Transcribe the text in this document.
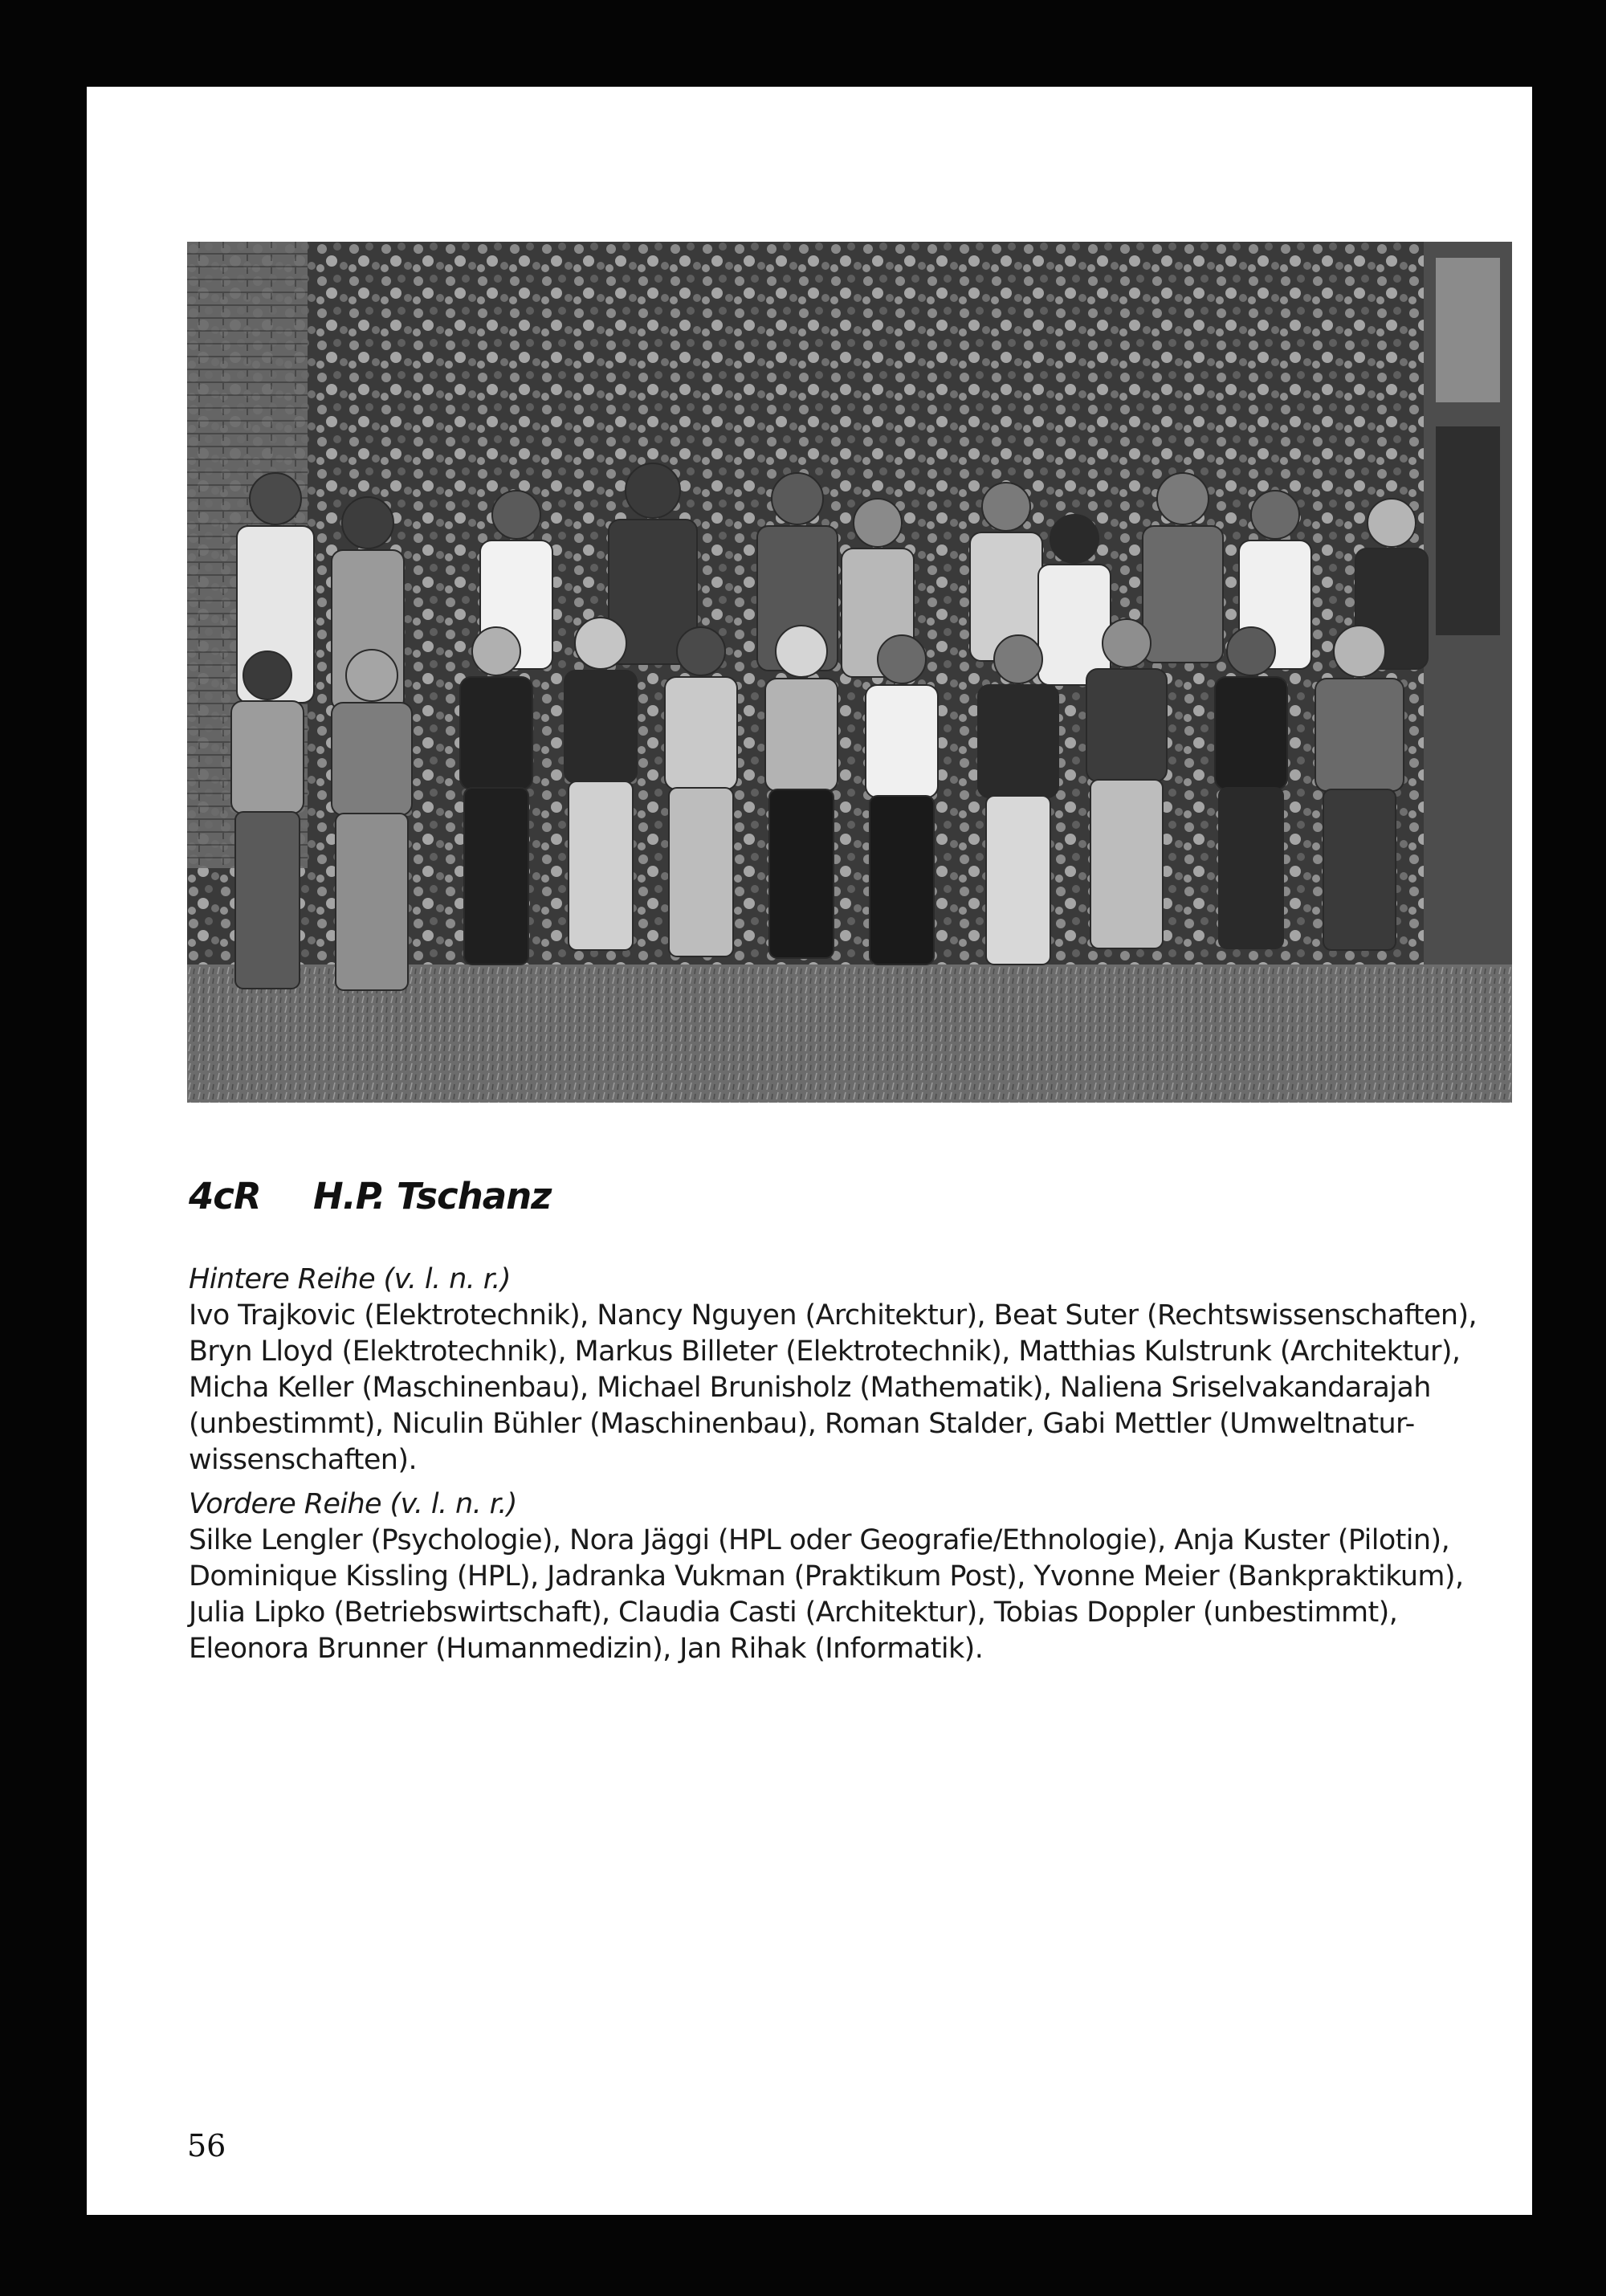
4cR H.P. Tschanz
Hintere Reihe (v. l. n. r.)
Ivo Trajkovic (Elektrotechnik), Nancy Nguyen (Architektur), Beat Suter (Rechtswissenschaften), Bryn Lloyd (Elektrotechnik), Markus Billeter (Elektrotechnik), Matthias Kulstrunk (Architektur), Micha Keller (Maschinenbau), Michael Brunisholz (Mathematik), Naliena Sriselvakandarajah (unbestimmt), Niculin Bühler (Maschinenbau), Roman Stalder, Gabi Mettler (Umweltnatur-wissenschaften).
Vordere Reihe (v. l. n. r.)
Silke Lengler (Psychologie), Nora Jäggi (HPL oder Geografie/Ethnologie), Anja Kuster (Pilotin), Dominique Kissling (HPL), Jadranka Vukman (Praktikum Post), Yvonne Meier (Bankpraktikum), Julia Lipko (Betriebswirtschaft), Claudia Casti (Architektur), Tobias Doppler (unbestimmt), Eleonora Brunner (Humanmedizin), Jan Rihak (Informatik).
56
